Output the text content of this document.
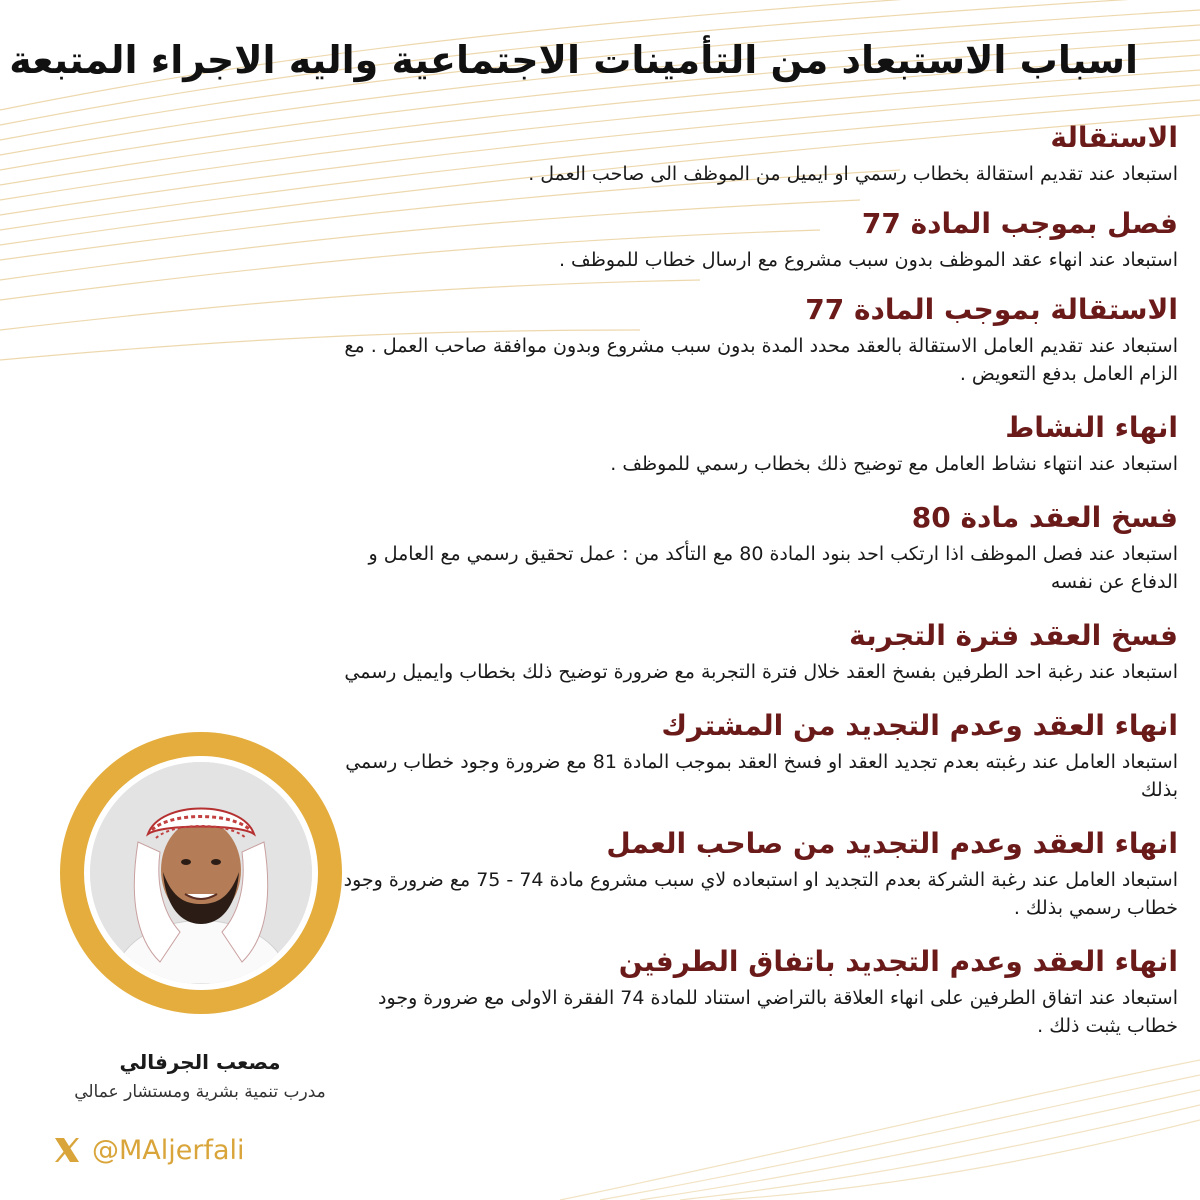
اسباب الاستبعاد من التأمينات الاجتماعية واليه الاجراء المتبعة

الاستقالة

استبعاد عند تقديم استقالة بخطاب رسمي او ايميل من الموظف الى صاحب العمل .

فصل بموجب المادة 77

استبعاد عند انهاء عقد الموظف بدون سبب مشروع مع ارسال خطاب للموظف .

الاستقالة بموجب المادة 77

استبعاد عند تقديم العامل الاستقالة بالعقد محدد المدة بدون سبب مشروع وبدون موافقة صاحب العمل . مع الزام العامل بدفع التعويض .

انهاء النشاط

استبعاد عند انتهاء نشاط العامل مع توضيح ذلك بخطاب رسمي للموظف .

فسخ العقد مادة 80

استبعاد عند فصل الموظف اذا ارتكب احد بنود المادة 80 مع التأكد من : عمل تحقيق رسمي مع العامل و الدفاع عن نفسه

فسخ العقد فترة التجربة

استبعاد عند رغبة احد الطرفين بفسخ العقد خلال فترة التجربة مع ضرورة توضيح ذلك بخطاب وايميل رسمي

انهاء العقد وعدم التجديد من المشترك

استبعاد العامل عند رغبته بعدم تجديد العقد او فسخ العقد بموجب المادة 81 مع ضرورة وجود خطاب رسمي بذلك

انهاء العقد وعدم التجديد من صاحب العمل

استبعاد العامل عند رغبة الشركة بعدم التجديد او استبعاده لاي سبب مشروع مادة 74 - 75 مع ضرورة وجود خطاب رسمي بذلك .

انهاء العقد وعدم التجديد باتفاق الطرفين

استبعاد عند اتفاق الطرفين على انهاء العلاقة بالتراضي استناد للمادة 74 الفقرة الاولى مع ضرورة وجود خطاب يثبت ذلك .

مصعب الجرفالي
مدرب تنمية بشرية ومستشار عمالي
@MAljerfali
